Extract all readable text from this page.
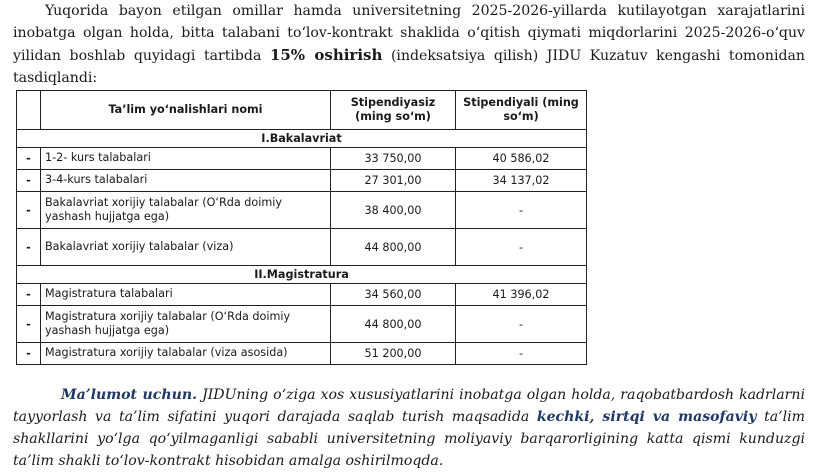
Yuqorida bayon etilgan omillar hamda universitetning 2025-2026-yillarda kutilayotgan xarajatlarini inobatga olgan holda, bitta talabani to‘lov-kontrakt shaklida o‘qitish qiymati miqdorlarini 2025-2026-o‘quv yilidan boshlab quyidagi tartibda 15% oshirish (indeksatsiya qilish) JIDU Kuzatuv kengashi tomonidan tasdiqlandi:

	Ta’lim yo‘nalishlari nomi	Stipendiyasiz (ming so‘m)	Stipendiyali (ming so‘m)
I.Bakalavriat			
-	1-2- kurs talabalari	33 750,00	40 586,02
-	3-4-kurs talabalari	27 301,00	34 137,02
-	Bakalavriat xorijiy talabalar (O‘Rda doimiy yashash hujjatga ega)	38 400,00	-
-	Bakalavriat xorijiy talabalar (viza)	44 800,00	-
II.Magistratura			
-	Magistratura talabalari	34 560,00	41 396,02
-	Magistratura xorijiy talabalar (O‘Rda doimiy yashash hujjatga ega)	44 800,00	-
-	Magistratura xorijiy talabalar (viza asosida)	51 200,00	-

Ma’lumot uchun. JIDUning o‘ziga xos xususiyatlarini inobatga olgan holda, raqobatbardosh kadrlarni tayyorlash va ta’lim sifatini yuqori darajada saqlab turish maqsadida kechki, sirtqi va masofaviy ta’lim shakllarini yo‘lga qo‘yilmaganligi sababli universitetning moliyaviy barqarorligining katta qismi kunduzgi ta’lim shakli to‘lov-kontrakt hisobidan amalga oshirilmoqda.
